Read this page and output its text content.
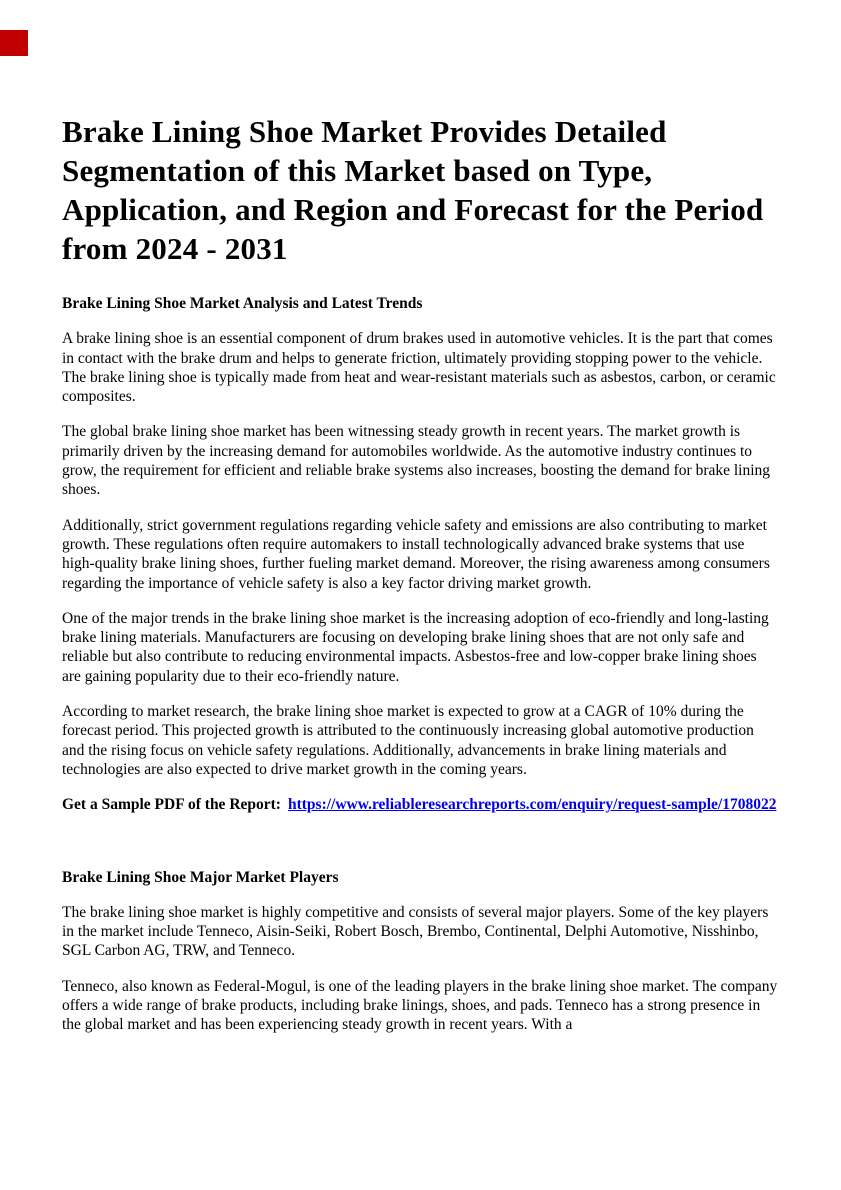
Brake Lining Shoe Market Provides Detailed Segmentation of this Market based on Type, Application, and Region and Forecast for the Period from 2024 - 2031
Brake Lining Shoe Market Analysis and Latest Trends

A brake lining shoe is an essential component of drum brakes used in automotive vehicles. It is the part that comes in contact with the brake drum and helps to generate friction, ultimately providing stopping power to the vehicle. The brake lining shoe is typically made from heat and wear-resistant materials such as asbestos, carbon, or ceramic composites.

The global brake lining shoe market has been witnessing steady growth in recent years. The market growth is primarily driven by the increasing demand for automobiles worldwide. As the automotive industry continues to grow, the requirement for efficient and reliable brake systems also increases, boosting the demand for brake lining shoes.

Additionally, strict government regulations regarding vehicle safety and emissions are also contributing to market growth. These regulations often require automakers to install technologically advanced brake systems that use high-quality brake lining shoes, further fueling market demand. Moreover, the rising awareness among consumers regarding the importance of vehicle safety is also a key factor driving market growth.

One of the major trends in the brake lining shoe market is the increasing adoption of eco-friendly and long-lasting brake lining materials. Manufacturers are focusing on developing brake lining shoes that are not only safe and reliable but also contribute to reducing environmental impacts. Asbestos-free and low-copper brake lining shoes are gaining popularity due to their eco-friendly nature.

According to market research, the brake lining shoe market is expected to grow at a CAGR of 10% during the forecast period. This projected growth is attributed to the continuously increasing global automotive production and the rising focus on vehicle safety regulations. Additionally, advancements in brake lining materials and technologies are also expected to drive market growth in the coming years.

Get a Sample PDF of the Report: https://www.reliableresearchreports.com/enquiry/request-sample/1708022

Brake Lining Shoe Major Market Players

The brake lining shoe market is highly competitive and consists of several major players. Some of the key players in the market include Tenneco, Aisin-Seiki, Robert Bosch, Brembo, Continental, Delphi Automotive, Nisshinbo, SGL Carbon AG, TRW, and Tenneco.

Tenneco, also known as Federal-Mogul, is one of the leading players in the brake lining shoe market. The company offers a wide range of brake products, including brake linings, shoes, and pads. Tenneco has a strong presence in the global market and has been experiencing steady growth in recent years. With a
